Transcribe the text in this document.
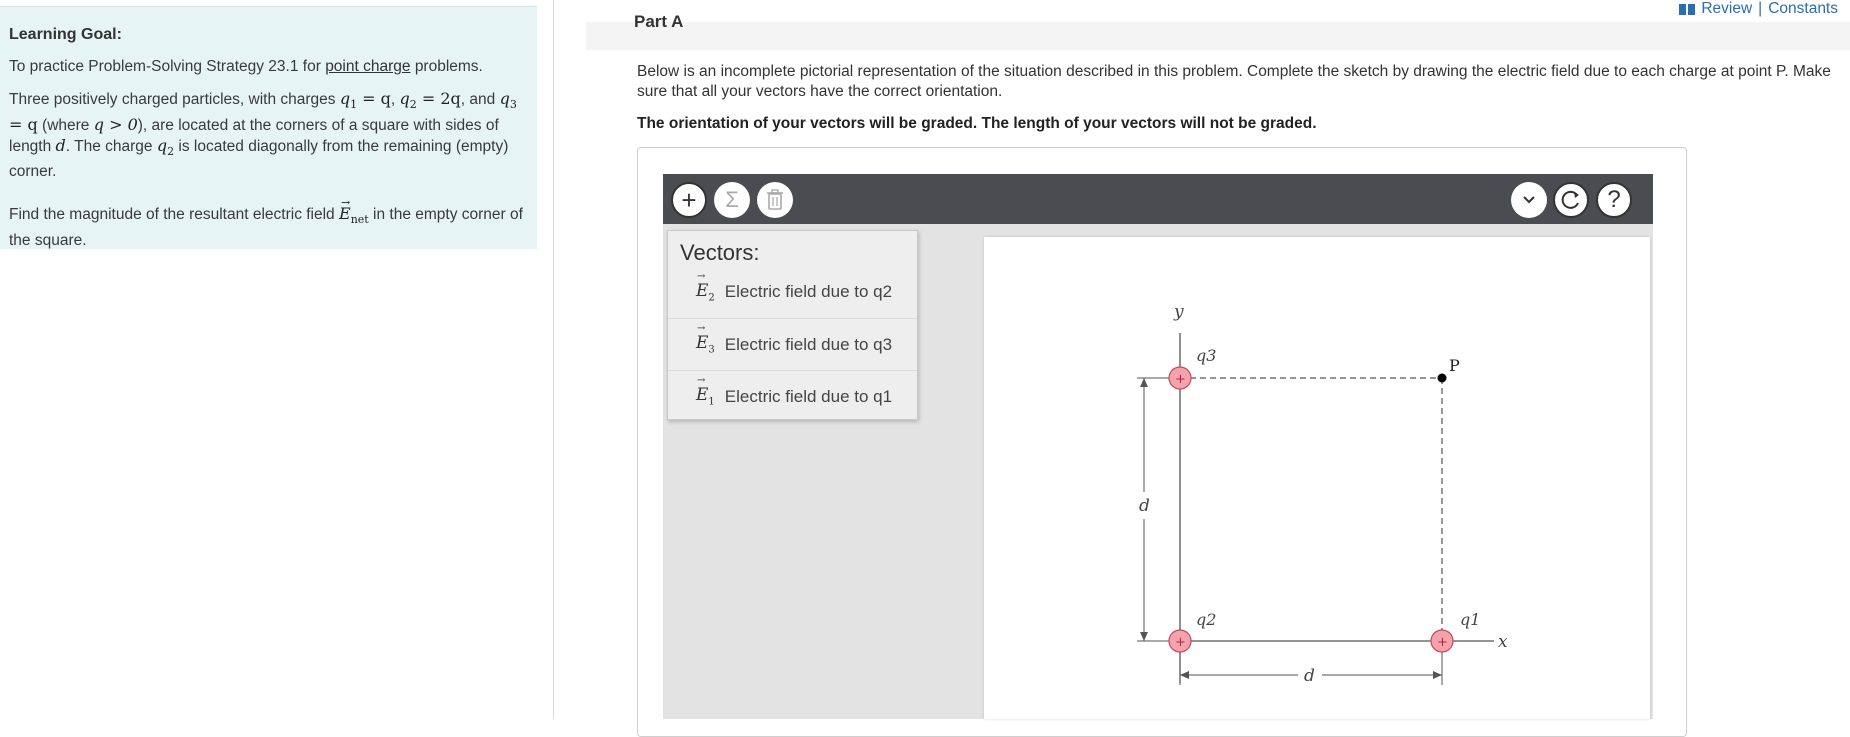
Learning Goal:
To practice Problem-Solving Strategy 23.1 for point charge problems.
Three positively charged particles, with charges $q_1 = q$, $q_2 = 2q$, and $q_3 = q$ (where q > 0), are located at the corners of a square with sides of length d. The charge $q_2$ is located diagonally from the remaining (empty) corner.
Find the magnitude of the resultant electric field → $E_{net}$ in the empty corner of the square.
Review | Constants
Part A
Below is an incomplete pictorial representation of the situation described in this problem. Complete the sketch by drawing the electric field due to each charge at point P. Make sure that all your vectors have the correct orientation.
The orientation of your vectors will be graded. The length of your vectors will not be graded.
+ Σ	?
d
d
y
x
P
+
q3
+
q2
+
q1
Vectors:
→ $E_2$ Electric field due to q2
→ $E_3$ Electric field due to q3
→ $E_1$ Electric field due to q1
